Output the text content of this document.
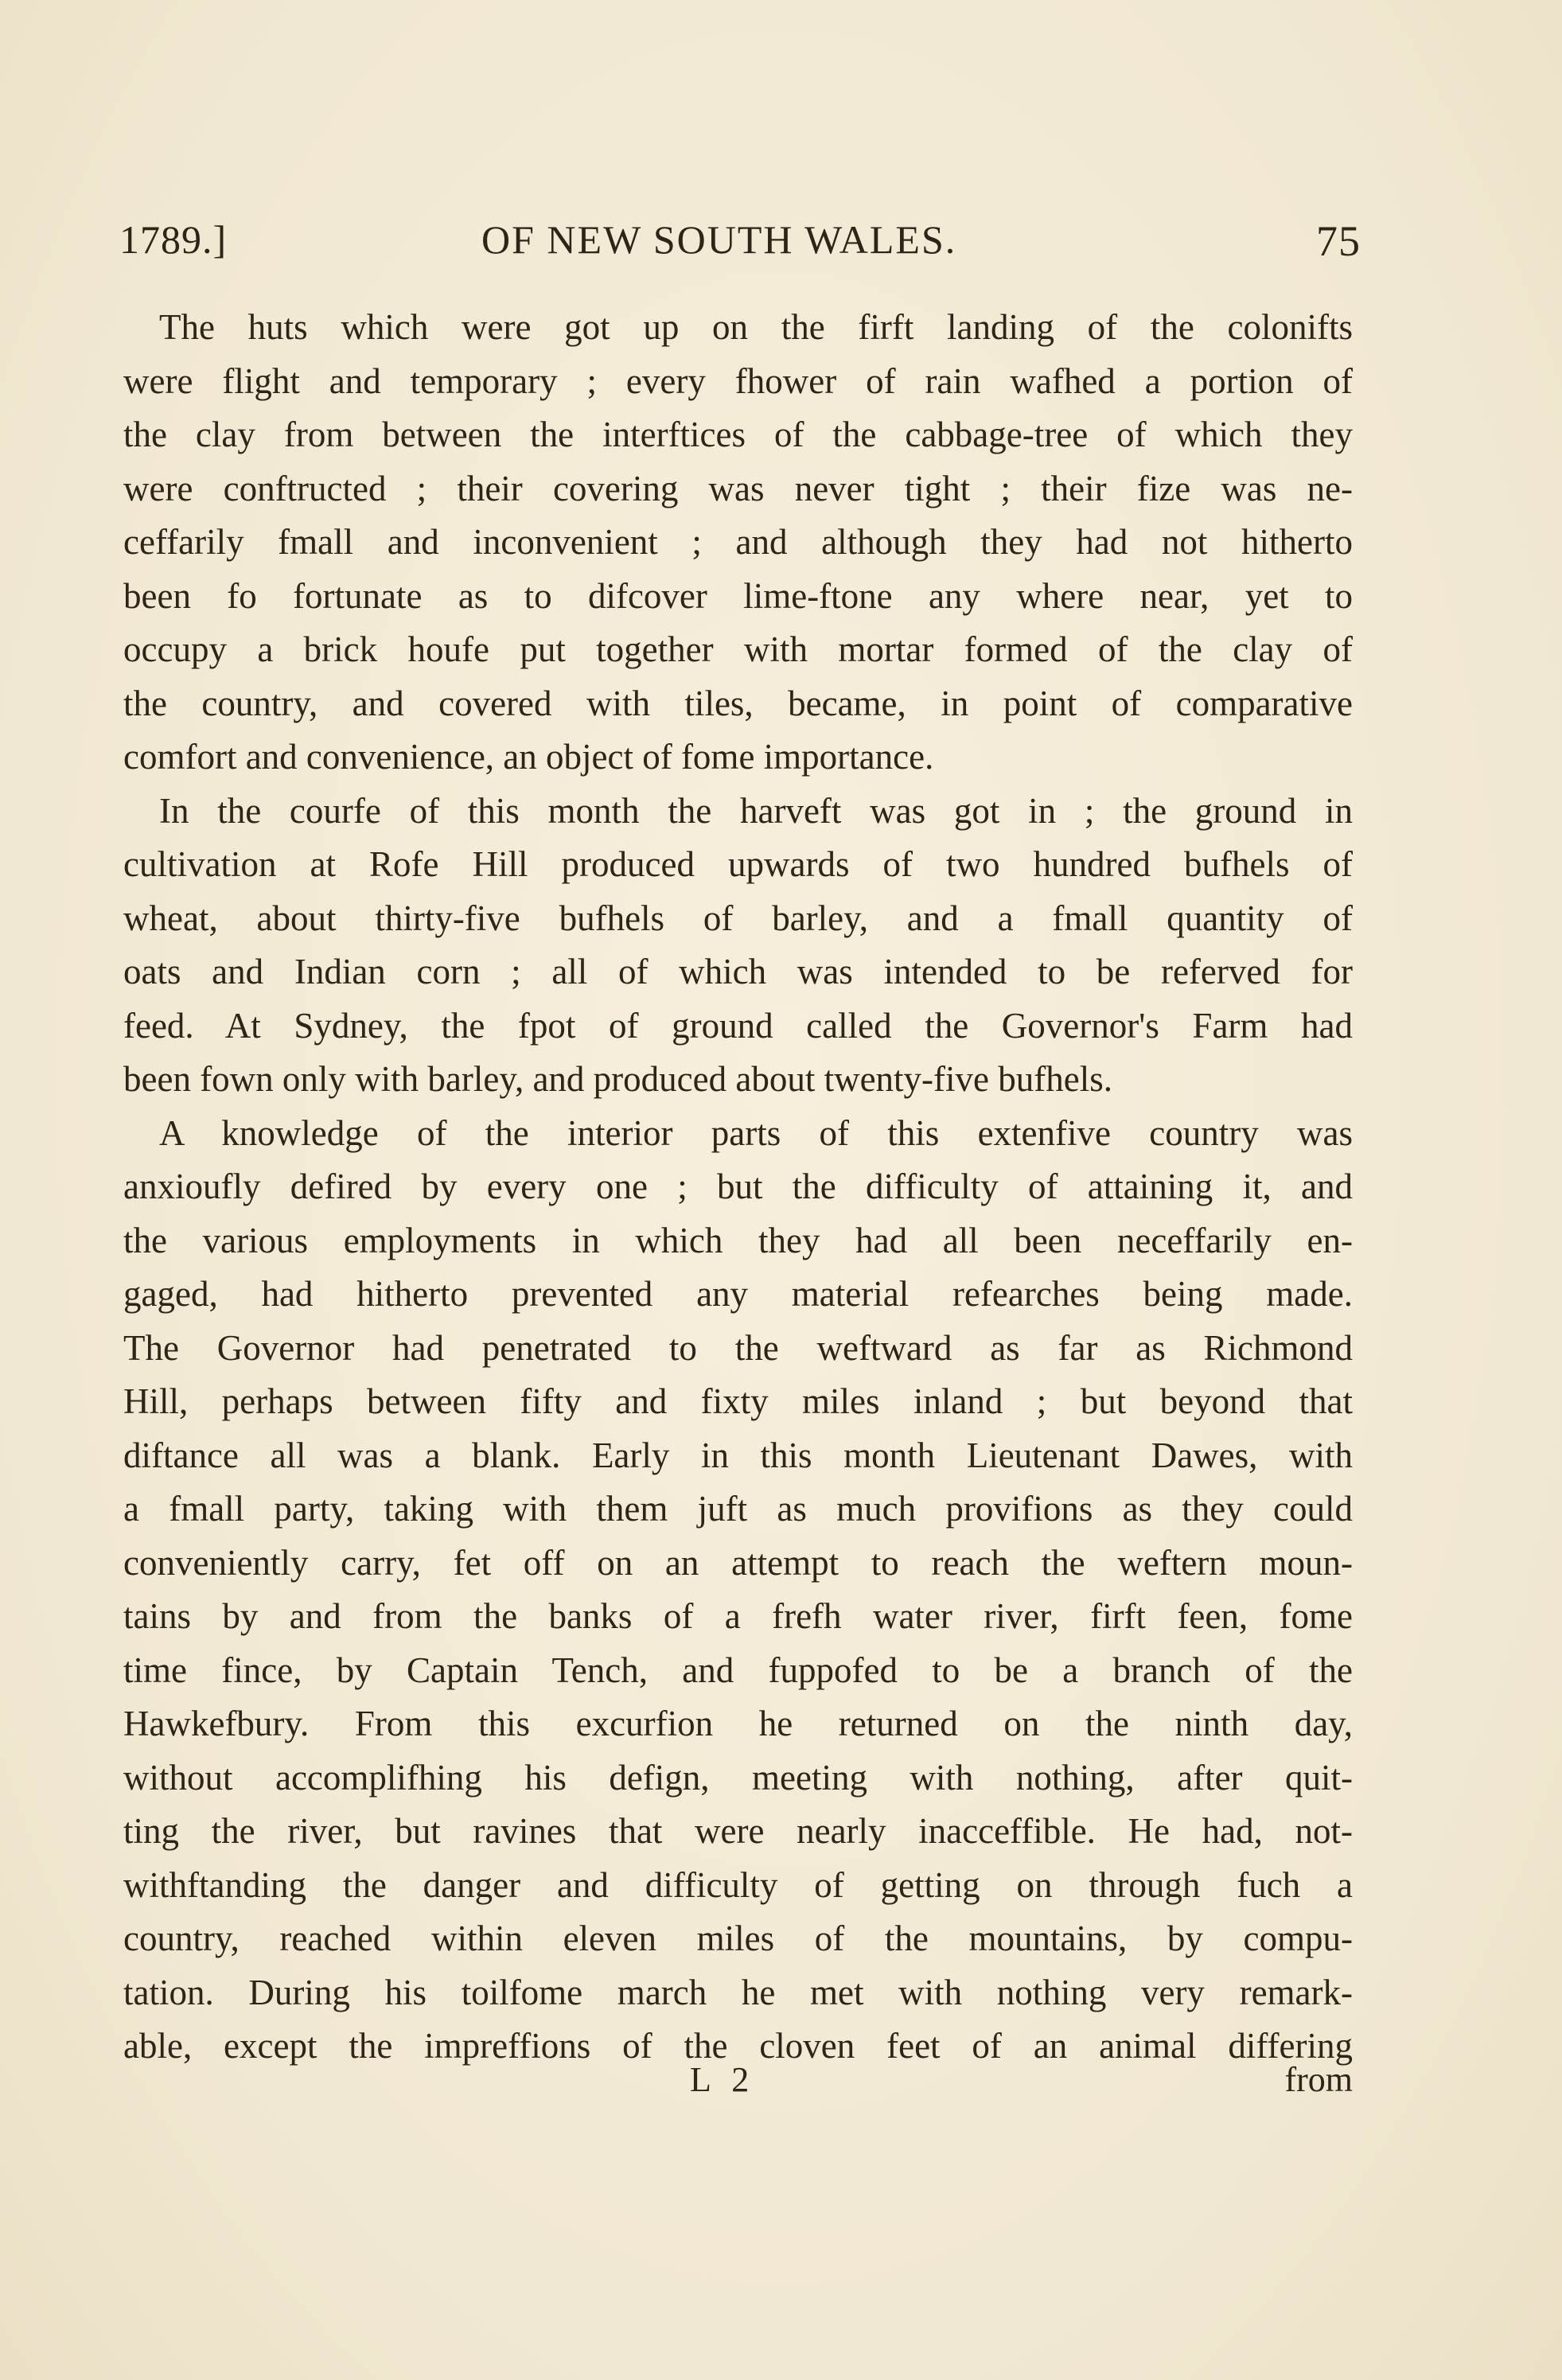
1789.]	OF NEW SOUTH WALES.	75

The huts which were got up on the firft landing of the colonifts
were flight and temporary ; every fhower of rain wafhed a portion of
the clay from between the interftices of the cabbage-tree of which they
were conftructed ; their covering was never tight ; their fize was ne-
ceffarily fmall and inconvenient ; and although they had not hitherto
been fo fortunate as to difcover lime-ftone any where near, yet to
occupy a brick houfe put together with mortar formed of the clay of
the country, and covered with tiles, became, in point of comparative
comfort and convenience, an object of fome importance.

In the courfe of this month the harveft was got in ; the ground in
cultivation at Rofe Hill produced upwards of two hundred bufhels of
wheat, about thirty-five bufhels of barley, and a fmall quantity of
oats and Indian corn ; all of which was intended to be referved for
feed. At Sydney, the fpot of ground called the Governor's Farm had
been fown only with barley, and produced about twenty-five bufhels.

A knowledge of the interior parts of this extenfive country was
anxioufly defired by every one ; but the difficulty of attaining it, and
the various employments in which they had all been neceffarily en-
gaged, had hitherto prevented any material refearches being made.
The Governor had penetrated to the weftward as far as Richmond
Hill, perhaps between fifty and fixty miles inland ; but beyond that
diftance all was a blank. Early in this month Lieutenant Dawes, with
a fmall party, taking with them juft as much provifions as they could
conveniently carry, fet off on an attempt to reach the weftern moun-
tains by and from the banks of a frefh water river, firft feen, fome
time fince, by Captain Tench, and fuppofed to be a branch of the
Hawkefbury. From this excurfion he returned on the ninth day,
without accomplifhing his defign, meeting with nothing, after quit-
ting the river, but ravines that were nearly inacceffible. He had, not-
withftanding the danger and difficulty of getting on through fuch a
country, reached within eleven miles of the mountains, by compu-
tation. During his toilfome march he met with nothing very remark-
able, except the impreffions of the cloven feet of an animal differing

L 2	from
